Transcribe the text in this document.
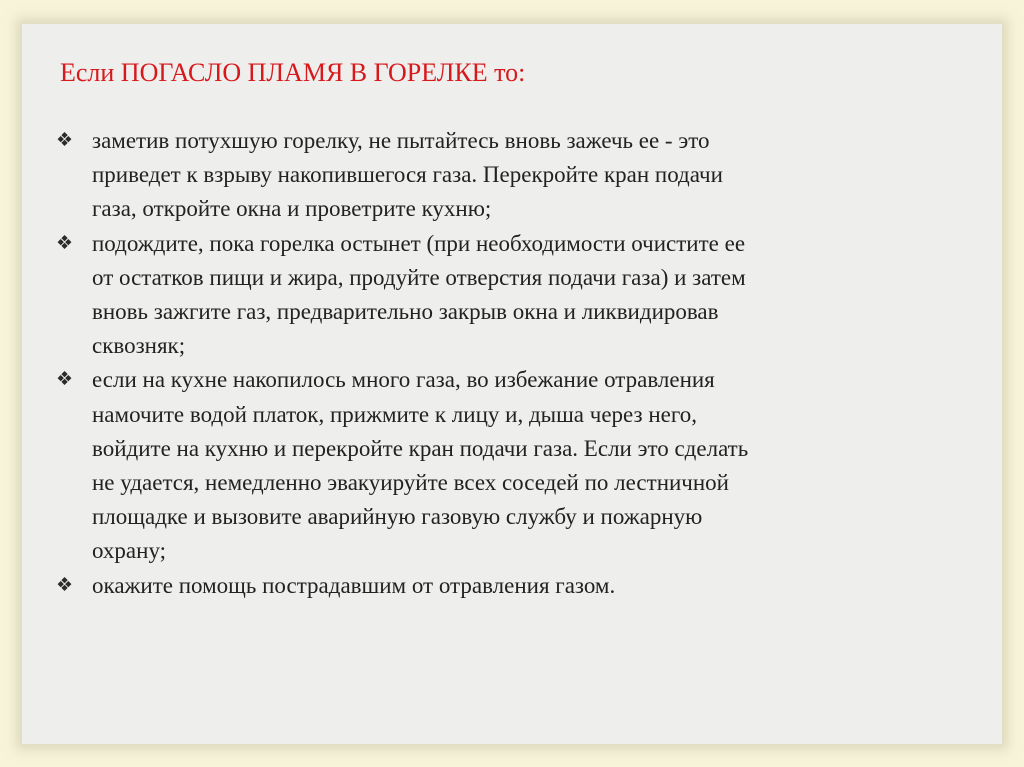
Если ПОГАСЛО ПЛАМЯ В ГОРЕЛКЕ то:
❖ заметив потухшую горелку, не пытайтесь вновь зажечь ее - это
приведет к взрыву накопившегося газа. Перекройте кран подачи
газа, откройте окна и проветрите кухню;
❖ подождите, пока горелка остынет (при необходимости очистите ее
от остатков пищи и жира, продуйте отверстия подачи газа) и затем
вновь зажгите газ, предварительно закрыв окна и ликвидировав
сквозняк;
❖ если на кухне накопилось много газа, во избежание отравления
намочите водой платок, прижмите к лицу и, дыша через него,
войдите на кухню и перекройте кран подачи газа. Если это сделать
не удается, немедленно эвакуируйте всех соседей по лестничной
площадке и вызовите аварийную газовую службу и пожарную
охрану;
❖ окажите помощь пострадавшим от отравления газом.
